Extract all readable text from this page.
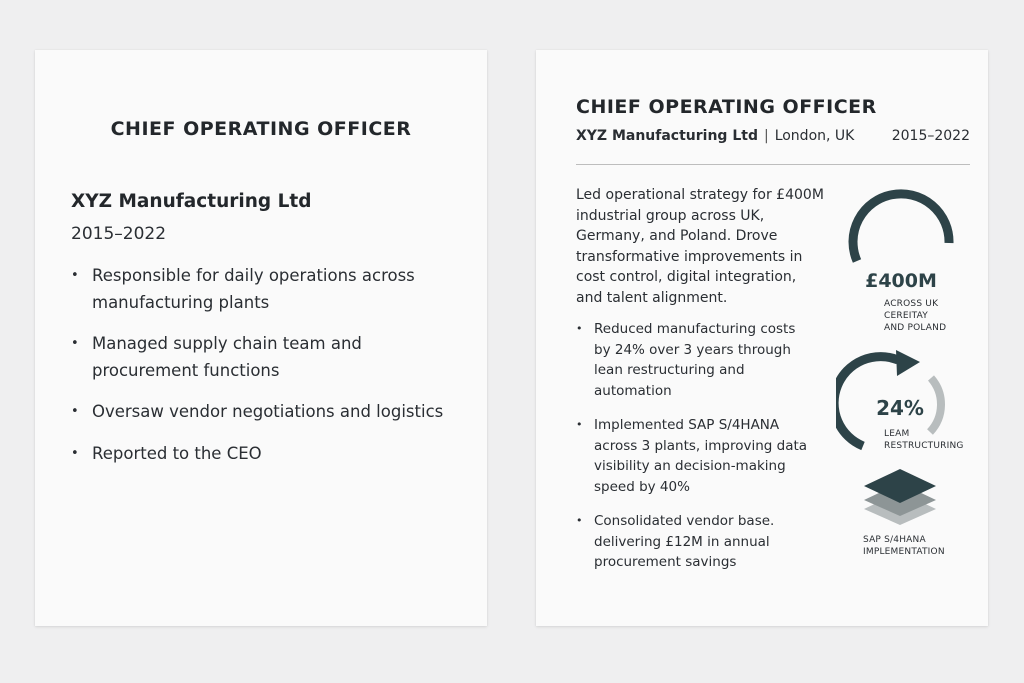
CHIEF OPERATING OFFICER
XYZ Manufacturing Ltd
2015–2022
• Responsible for daily operations across manufacturing plants
• Managed supply chain team and procurement functions
• Oversaw vendor negotiations and logistics
• Reported to the CEO
CHIEF OPERATING OFFICER
XYZ Manufacturing Ltd | London, UK	2015–2022
Led operational strategy for £400M industrial group across UK, Germany, and Poland. Drove transformative improvements in cost control, digital integration, and talent alignment.
• Reduced manufacturing costs by 24% over 3 years through lean restructuring and automation
• Implemented SAP S/4HANA across 3 plants, improving data visibility an decision-making speed by 40%
• Consolidated vendor base. delivering £12M in annual procurement savings
£400M
ACROSS UK
CEREITAY
AND POLAND
24%
LEAM
RESTRUCTURING
SAP S/4HANA
IMPLEMENTATION
